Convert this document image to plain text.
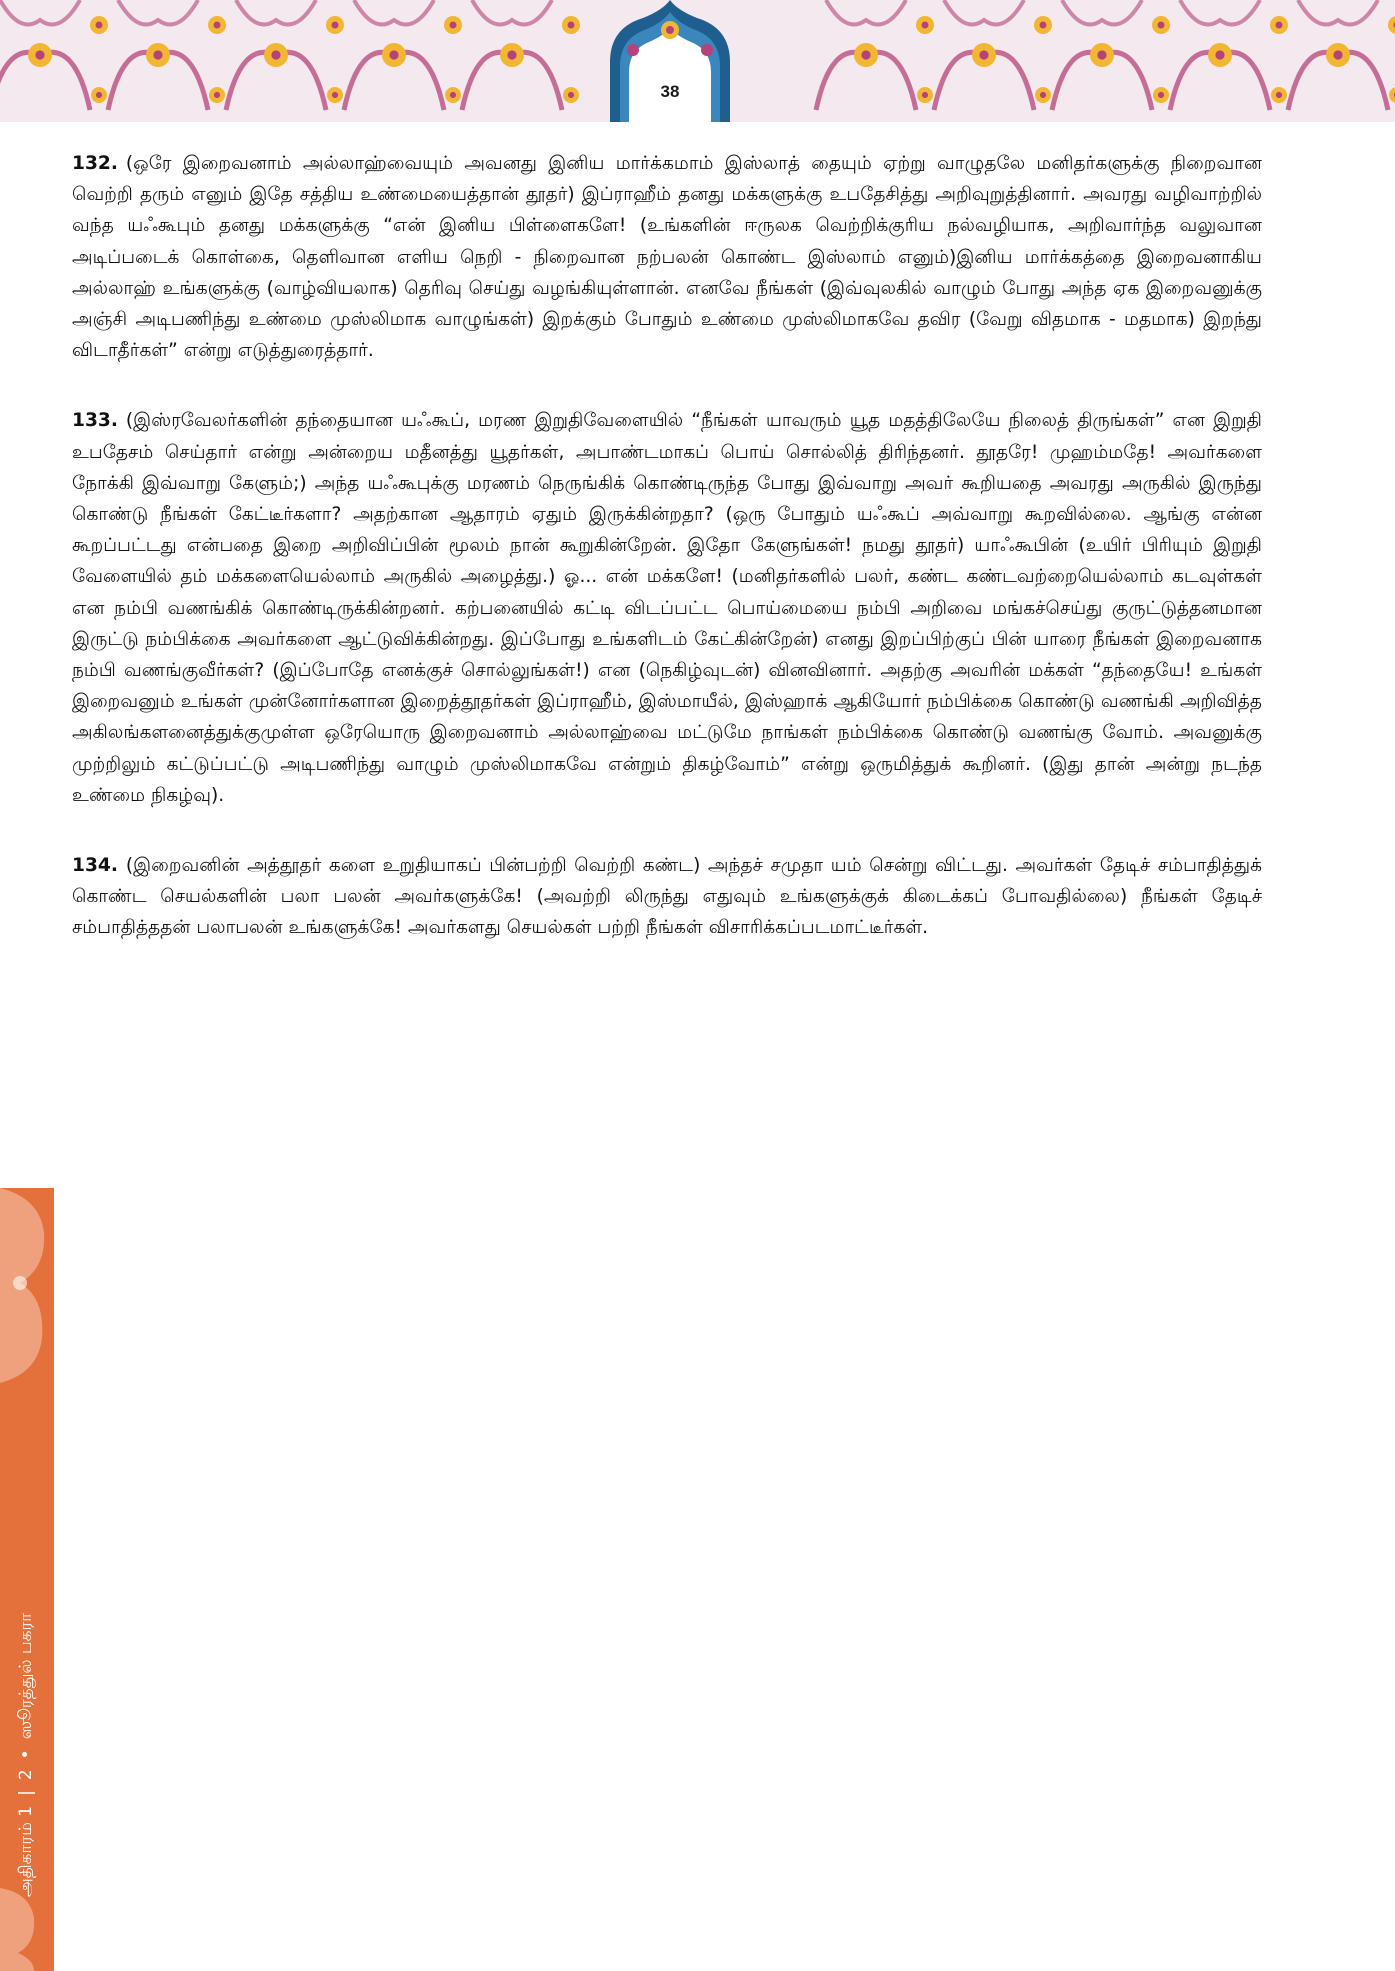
38

132. (ஒரே இறைவனாம் அல்லாஹ்வையும் அவனது இனிய மார்க்கமாம் இஸ்லாத் தையும் ஏற்று வாழுதலே மனிதர்களுக்கு நிறைவான வெற்றி தரும் எனும் இதே சத்திய உண்மையைத்தான் தூதர்) இப்ராஹீம் தனது மக்களுக்கு உபதேசித்து அறிவுறுத்தினார். அவரது வழிவாற்றில் வந்த யஃகூபும் தனது மக்களுக்கு “என் இனிய பிள்ளைகளே! (உங்களின் ஈருலக வெற்றிக்குரிய நல்வழியாக, அறிவார்ந்த வலுவான அடிப்படைக் கொள்கை, தெளிவான எளிய நெறி - நிறைவான நற்பலன் கொண்ட இஸ்லாம் எனும்)இனிய மார்க்கத்தை இறைவனாகிய அல்லாஹ் உங்களுக்கு (வாழ்வியலாக) தெரிவு செய்து வழங்கியுள்ளான். எனவே நீங்கள் (இவ்வுலகில் வாழும் போது அந்த ஏக இறைவனுக்கு அஞ்சி அடிபணிந்து உண்மை முஸ்லிமாக வாழுங்கள்) இறக்கும் போதும் உண்மை முஸ்லிமாகவே தவிர (வேறு விதமாக - மதமாக) இறந்து விடாதீர்கள்” என்று எடுத்துரைத்தார்.

133. (இஸ்ரவேலர்களின் தந்தையான யஃகூப், மரண இறுதிவேளையில் “நீங்கள் யாவரும் யூத மதத்திலேயே நிலைத் திருங்கள்” என இறுதி உபதேசம் செய்தார் என்று அன்றைய மதீனத்து யூதர்கள், அபாண்டமாகப் பொய் சொல்லித் திரிந்தனர். தூதரே! முஹம்மதே! அவர்களை நோக்கி இவ்வாறு கேளும்;) அந்த யஃகூபுக்கு மரணம் நெருங்கிக் கொண்டிருந்த போது இவ்வாறு அவர் கூறியதை அவரது அருகில் இருந்து கொண்டு நீங்கள் கேட்டீர்களா? அதற்கான ஆதாரம் ஏதும் இருக்கின்றதா? (ஒரு போதும் யஃகூப் அவ்வாறு கூறவில்லை. ஆங்கு என்ன கூறப்பட்டது என்பதை இறை அறிவிப்பின் மூலம் நான் கூறுகின்றேன். இதோ கேளுங்கள்! நமது தூதர்) யாஃகூபின் (உயிர் பிரியும் இறுதி வேளையில் தம் மக்களையெல்லாம் அருகில் அழைத்து.) ஓ... என் மக்களே! (மனிதர்களில் பலர், கண்ட கண்டவற்றையெல்லாம் கடவுள்கள் என நம்பி வணங்கிக் கொண்டிருக்கின்றனர். கற்பனையில் கட்டி விடப்பட்ட பொய்மையை நம்பி அறிவை மங்கச்செய்து குருட்டுத்தனமான இருட்டு நம்பிக்கை அவர்களை ஆட்டுவிக்கின்றது. இப்போது உங்களிடம் கேட்கின்றேன்) எனது இறப்பிற்குப் பின் யாரை நீங்கள் இறைவனாக நம்பி வணங்குவீர்கள்? (இப்போதே எனக்குச் சொல்லுங்கள்!) என (நெகிழ்வுடன்) வினவினார். அதற்கு அவரின் மக்கள் “தந்தையே! உங்கள் இறைவனும் உங்கள் முன்னோர்களான இறைத்தூதர்கள் இப்ராஹீம், இஸ்மாயீல், இஸ்ஹாக் ஆகியோர் நம்பிக்கை கொண்டு வணங்கி அறிவித்த அகிலங்களனைத்துக்குமுள்ள ஒரேயொரு இறைவனாம் அல்லாஹ்வை மட்டுமே நாங்கள் நம்பிக்கை கொண்டு வணங்கு வோம். அவனுக்கு முற்றிலும் கட்டுப்பட்டு அடிபணிந்து வாழும் முஸ்லிமாகவே என்றும் திகழ்வோம்” என்று ஒருமித்துக் கூறினர். (இது தான் அன்று நடந்த உண்மை நிகழ்வு).

134. (இறைவனின் அத்தூதர் களை உறுதியாகப் பின்பற்றி வெற்றி கண்ட) அந்தச் சமுதா யம் சென்று விட்டது. அவர்கள் தேடிச் சம்பாதித்துக் கொண்ட செயல்களின் பலா பலன் அவர்களுக்கே! (அவற்றி லிருந்து எதுவும் உங்களுக்குக் கிடைக்கப் போவதில்லை) நீங்கள் தேடிச் சம்பாதித்ததன் பலாபலன் உங்களுக்கே! அவர்களது செயல்கள் பற்றி நீங்கள் விசாரிக்கப்படமாட்டீர்கள்.

அதிகாரம் 1|2•ஸூரத்துல் பகரா
